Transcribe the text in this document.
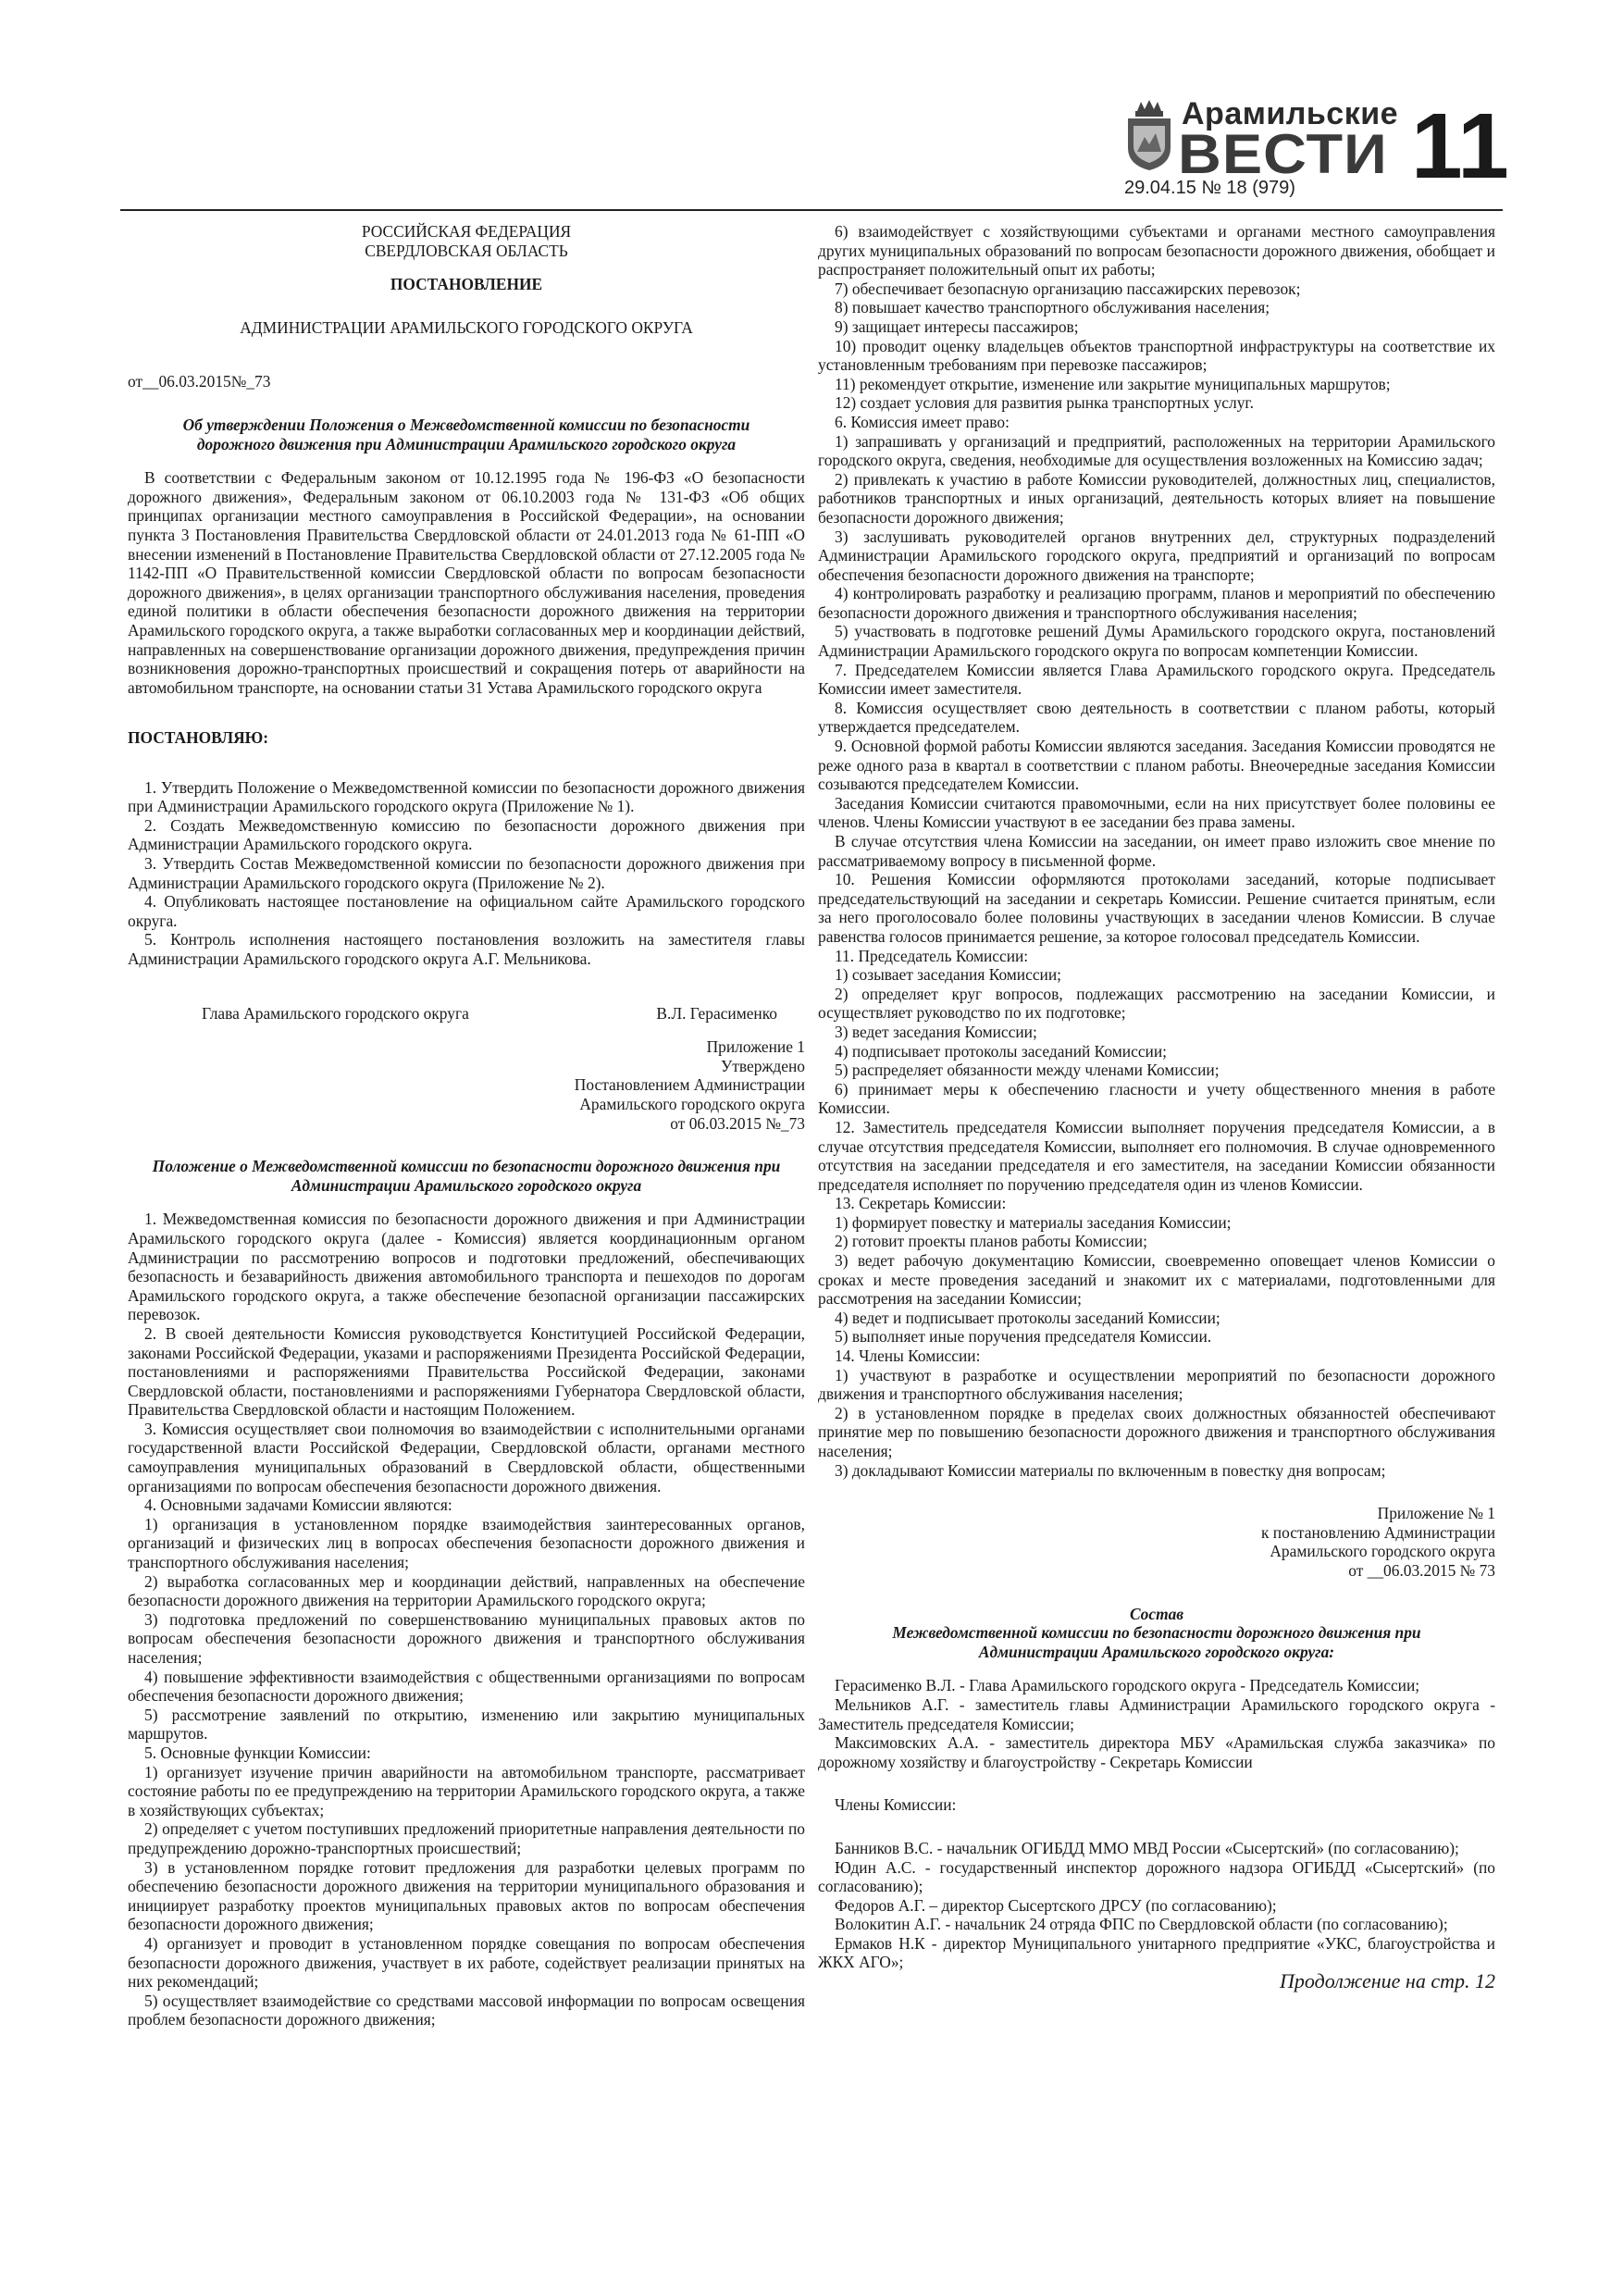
Арамильские
ВЕСТИ
29.04.15 № 18 (979) 11

РОССИЙСКАЯ ФЕДЕРАЦИЯ

СВЕРДЛОВСКАЯ ОБЛАСТЬ

ПОСТАНОВЛЕНИЕ

АДМИНИСТРАЦИИ АРАМИЛЬСКОГО ГОРОДСКОГО ОКРУГА

от__06.03.2015№_73

Об утверждении Положения о Межведомственной комиссии по безопасности дорожного движения при Администрации Арамильского городского округа

В соответствии с Федеральным законом от 10.12.1995 года № 196-ФЗ «О безопасности дорожного движения», Федеральным законом от 06.10.2003 года № 131-ФЗ «Об общих принципах организации местного самоуправления в Российской Федерации», на основании пункта 3 Постановления Правительства Свердловской области от 24.01.2013 года № 61-ПП «О внесении изменений в Постановление Правительства Свердловской области от 27.12.2005 года № 1142-ПП «О Правительственной комиссии Свердловской области по вопросам безопасности дорожного движения», в целях организации транспортного обслуживания населения, проведения единой политики в области обеспечения безопасности дорожного движения на территории Арамильского городского округа, а также выработки согласованных мер и координации действий, направленных на совершенствование организации дорожного движения, предупреждения причин возникновения дорожно-транспортных происшествий и сокращения потерь от аварийности на автомобильном транспорте, на основании статьи 31 Устава Арамильского городского округа

ПОСТАНОВЛЯЮ:

1. Утвердить Положение о Межведомственной комиссии по безопасности дорожного движения при Администрации Арамильского городского округа (Приложение № 1).

2. Создать Межведомственную комиссию по безопасности дорожного движения при Администрации Арамильского городского округа.

3. Утвердить Состав Межведомственной комиссии по безопасности дорожного движения при Администрации Арамильского городского округа (Приложение № 2).

4. Опубликовать настоящее постановление на официальном сайте Арамильского городского округа.

5. Контроль исполнения настоящего постановления возложить на заместителя главы Администрации Арамильского городского округа А.Г. Мельникова.

Глава Арамильского городского округа	В.Л. Герасименко

Приложение 1

Утверждено

Постановлением Администрации

Арамильского городского округа

от 06.03.2015 №_73

Положение о Межведомственной комиссии по безопасности дорожного движения при Администрации Арамильского городского округа

1. Межведомственная комиссия по безопасности дорожного движения и при Администрации Арамильского городского округа (далее - Комиссия) является координационным органом Администрации по рассмотрению вопросов и подготовки предложений, обеспечивающих безопасность и безаварийность движения автомобильного транспорта и пешеходов по дорогам Арамильского городского округа, а также обеспечение безопасной организации пассажирских перевозок.

2. В своей деятельности Комиссия руководствуется Конституцией Российской Федерации, законами Российской Федерации, указами и распоряжениями Президента Российской Федерации, постановлениями и распоряжениями Правительства Российской Федерации, законами Свердловской области, постановлениями и распоряжениями Губернатора Свердловской области, Правительства Свердловской области и настоящим Положением.

3. Комиссия осуществляет свои полномочия во взаимодействии с исполнительными органами государственной власти Российской Федерации, Свердловской области, органами местного самоуправления муниципальных образований в Свердловской области, общественными организациями по вопросам обеспечения безопасности дорожного движения.

4. Основными задачами Комиссии являются:

1) организация в установленном порядке взаимодействия заинтересованных органов, организаций и физических лиц в вопросах обеспечения безопасности дорожного движения и транспортного обслуживания населения;

2) выработка согласованных мер и координации действий, направленных на обеспечение безопасности дорожного движения на территории Арамильского городского округа;

3) подготовка предложений по совершенствованию муниципальных правовых актов по вопросам обеспечения безопасности дорожного движения и транспортного обслуживания населения;

4) повышение эффективности взаимодействия с общественными организациями по вопросам обеспечения безопасности дорожного движения;

5) рассмотрение заявлений по открытию, изменению или закрытию муниципальных маршрутов.

5. Основные функции Комиссии:

1) организует изучение причин аварийности на автомобильном транспорте, рассматривает состояние работы по ее предупреждению на территории Арамильского городского округа, а также в хозяйствующих субъектах;

2) определяет с учетом поступивших предложений приоритетные направления деятельности по предупреждению дорожно-транспортных происшествий;

3) в установленном порядке готовит предложения для разработки целевых программ по обеспечению безопасности дорожного движения на территории муниципального образования и инициирует разработку проектов муниципальных правовых актов по вопросам обеспечения безопасности дорожного движения;

4) организует и проводит в установленном порядке совещания по вопросам обеспечения безопасности дорожного движения, участвует в их работе, содействует реализации принятых на них рекомендаций;

5) осуществляет взаимодействие со средствами массовой информации по вопросам освещения проблем безопасности дорожного движения;

6) взаимодействует с хозяйствующими субъектами и органами местного самоуправления других муниципальных образований по вопросам безопасности дорожного движения, обобщает и распространяет положительный опыт их работы;

7) обеспечивает безопасную организацию пассажирских перевозок;

8) повышает качество транспортного обслуживания населения;

9) защищает интересы пассажиров;

10) проводит оценку владельцев объектов транспортной инфраструктуры на соответствие их установленным требованиям при перевозке пассажиров;

11) рекомендует открытие, изменение или закрытие муниципальных маршрутов;

12) создает условия для развития рынка транспортных услуг.

6. Комиссия имеет право:

1) запрашивать у организаций и предприятий, расположенных на территории Арамильского городского округа, сведения, необходимые для осуществления возложенных на Комиссию задач;

2) привлекать к участию в работе Комиссии руководителей, должностных лиц, специалистов, работников транспортных и иных организаций, деятельность которых влияет на повышение безопасности дорожного движения;

3) заслушивать руководителей органов внутренних дел, структурных подразделений Администрации Арамильского городского округа, предприятий и организаций по вопросам обеспечения безопасности дорожного движения на транспорте;

4) контролировать разработку и реализацию программ, планов и мероприятий по обеспечению безопасности дорожного движения и транспортного обслуживания населения;

5) участвовать в подготовке решений Думы Арамильского городского округа, постановлений Администрации Арамильского городского округа по вопросам компетенции Комиссии.

7. Председателем Комиссии является Глава Арамильского городского округа. Председатель Комиссии имеет заместителя.

8. Комиссия осуществляет свою деятельность в соответствии с планом работы, который утверждается председателем.

9. Основной формой работы Комиссии являются заседания. Заседания Комиссии проводятся не реже одного раза в квартал в соответствии с планом работы. Внеочередные заседания Комиссии созываются председателем Комиссии.

Заседания Комиссии считаются правомочными, если на них присутствует более половины ее членов. Члены Комиссии участвуют в ее заседании без права замены.

В случае отсутствия члена Комиссии на заседании, он имеет право изложить свое мнение по рассматриваемому вопросу в письменной форме.

10. Решения Комиссии оформляются протоколами заседаний, которые подписывает председательствующий на заседании и секретарь Комиссии. Решение считается принятым, если за него проголосовало более половины участвующих в заседании членов Комиссии. В случае равенства голосов принимается решение, за которое голосовал председатель Комиссии.

11. Председатель Комиссии:

1) созывает заседания Комиссии;

2) определяет круг вопросов, подлежащих рассмотрению на заседании Комиссии, и осуществляет руководство по их подготовке;

3) ведет заседания Комиссии;

4) подписывает протоколы заседаний Комиссии;

5) распределяет обязанности между членами Комиссии;

6) принимает меры к обеспечению гласности и учету общественного мнения в работе Комиссии.

12. Заместитель председателя Комиссии выполняет поручения председателя Комиссии, а в случае отсутствия председателя Комиссии, выполняет его полномочия. В случае одновременного отсутствия на заседании председателя и его заместителя, на заседании Комиссии обязанности председателя исполняет по поручению председателя один из членов Комиссии.

13. Секретарь Комиссии:

1) формирует повестку и материалы заседания Комиссии;

2) готовит проекты планов работы Комиссии;

3) ведет рабочую документацию Комиссии, своевременно оповещает членов Комиссии о сроках и месте проведения заседаний и знакомит их с материалами, подготовленными для рассмотрения на заседании Комиссии;

4) ведет и подписывает протоколы заседаний Комиссии;

5) выполняет иные поручения председателя Комиссии.

14. Члены Комиссии:

1) участвуют в разработке и осуществлении мероприятий по безопасности дорожного движения и транспортного обслуживания населения;

2) в установленном порядке в пределах своих должностных обязанностей обеспечивают принятие мер по повышению безопасности дорожного движения и транспортного обслуживания населения;

3) докладывают Комиссии материалы по включенным в повестку дня вопросам;

Приложение № 1

к постановлению Администрации

Арамильского городского округа

от __06.03.2015 № 73

Состав

Межведомственной комиссии по безопасности дорожного движения при Администрации Арамильского городского округа:

Герасименко В.Л. - Глава Арамильского городского округа - Председатель Комиссии;

Мельников А.Г. - заместитель главы Администрации Арамильского городского округа - Заместитель председателя Комиссии;

Максимовских А.А. - заместитель директора МБУ «Арамильская служба заказчика» по дорожному хозяйству и благоустройству - Секретарь Комиссии

Члены Комиссии:

Банников В.С. - начальник ОГИБДД ММО МВД России «Сысертский» (по согласованию);

Юдин А.С. - государственный инспектор дорожного надзора ОГИБДД «Сысертский» (по согласованию);

Федоров А.Г. – директор Сысертского ДРСУ (по согласованию);

Волокитин А.Г. - начальник 24 отряда ФПС по Свердловской области (по согласованию);

Ермаков Н.К - директор Муниципального унитарного предприятие «УКС, благоустройства и ЖКХ АГО»;

Продолжение на стр. 12
